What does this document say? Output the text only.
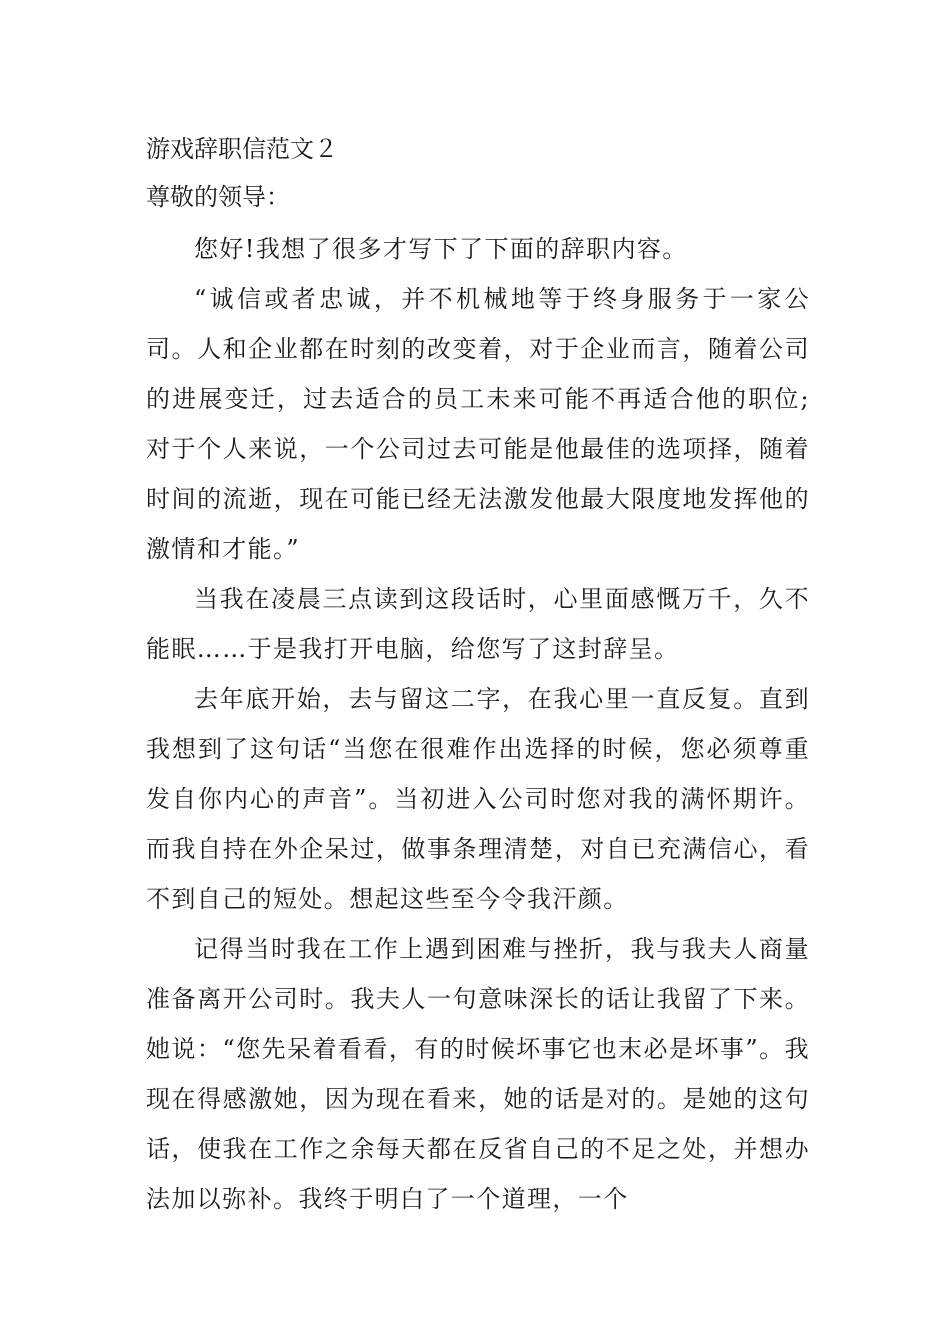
游戏辞职信范文２
尊敬的领导：

您好!我想了很多才写下了下面的辞职内容。

“诚信或者忠诚，并不机械地等于终身服务于一家公司。人和企业都在时刻的改变着，对于企业而言，随着公司的进展变迁，过去适合的员工未来可能不再适合他的职位;对于个人来说，一个公司过去可能是他最佳的选项择，随着时间的流逝，现在可能已经无法激发他最大限度地发挥他的激情和才能。”

当我在凌晨三点读到这段话时，心里面感慨万千，久不能眠……于是我打开电脑，给您写了这封辞呈。

去年底开始，去与留这二字，在我心里一直反复。直到我想到了这句话“当您在很难作出选择的时候，您必须尊重发自你内心的声音”。当初进入公司时您对我的满怀期许。而我自持在外企呆过，做事条理清楚，对自已充满信心，看不到自己的短处。想起这些至今令我汗颜。

记得当时我在工作上遇到困难与挫折，我与我夫人商量准备离开公司时。我夫人一句意味深长的话让我留了下来。她说：“您先呆着看看，有的时候坏事它也末必是坏事”。我现在得感激她，因为现在看来，她的话是对的。是她的这句话，使我在工作之余每天都在反省自己的不足之处，并想办法加以弥补。我终于明白了一个道理，一个
